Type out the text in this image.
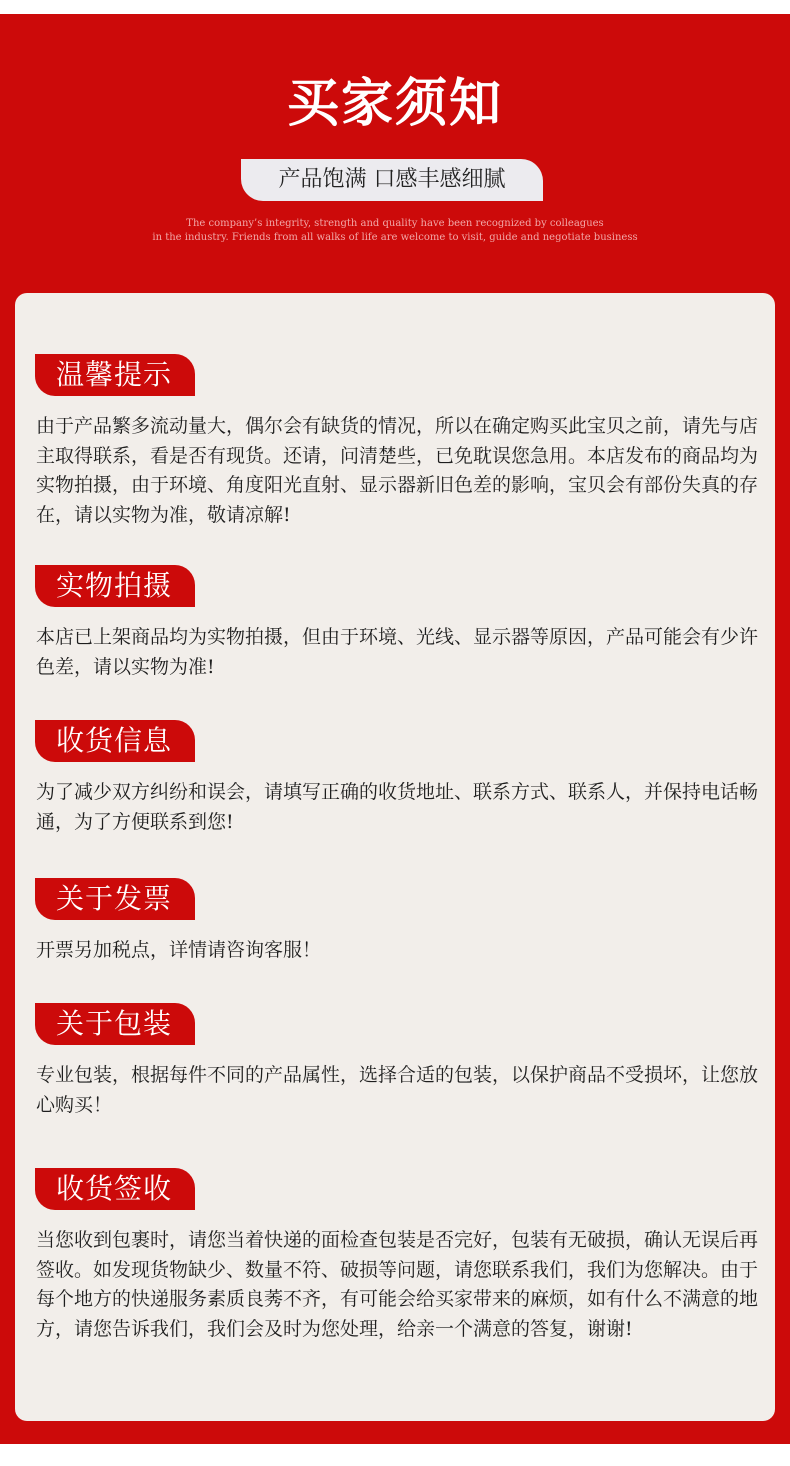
买家须知
产品饱满 口感丰感细腻
The company’s integrity, strength and quality have been recognized by colleagues
in the industry. Friends from all walks of life are welcome to visit, guide and negotiate business
温馨提示

由于产品繁多流动量大，偶尔会有缺货的情况，所以在确定购买此宝贝之前，请先与店主取得联系，看是否有现货。还请，问清楚些，已免耽误您急用。本店发布的商品均为实物拍摄，由于环境、角度阳光直射、显示器新旧色差的影响，宝贝会有部份失真的存在，请以实物为准，敬请凉解!

实物拍摄

本店已上架商品均为实物拍摄，但由于环境、光线、显示器等原因，产品可能会有少许色差，请以实物为准!

收货信息

为了减少双方纠纷和误会，请填写正确的收货地址、联系方式、联系人，并保持电话畅通，为了方便联系到您!

关于发票

开票另加税点，详情请咨询客服！

关于包装

专业包装，根据每件不同的产品属性，选择合适的包装，以保护商品不受损坏，让您放心购买！

收货签收

当您收到包裹时，请您当着快递的面检查包装是否完好，包装有无破损，确认无误后再签收。如发现货物缺少、数量不符、破损等问题，请您联系我们，我们为您解决。由于每个地方的快递服务素质良莠不齐，有可能会给买家带来的麻烦，如有什么不满意的地方，请您告诉我们，我们会及时为您处理，给亲一个满意的答复，谢谢!
